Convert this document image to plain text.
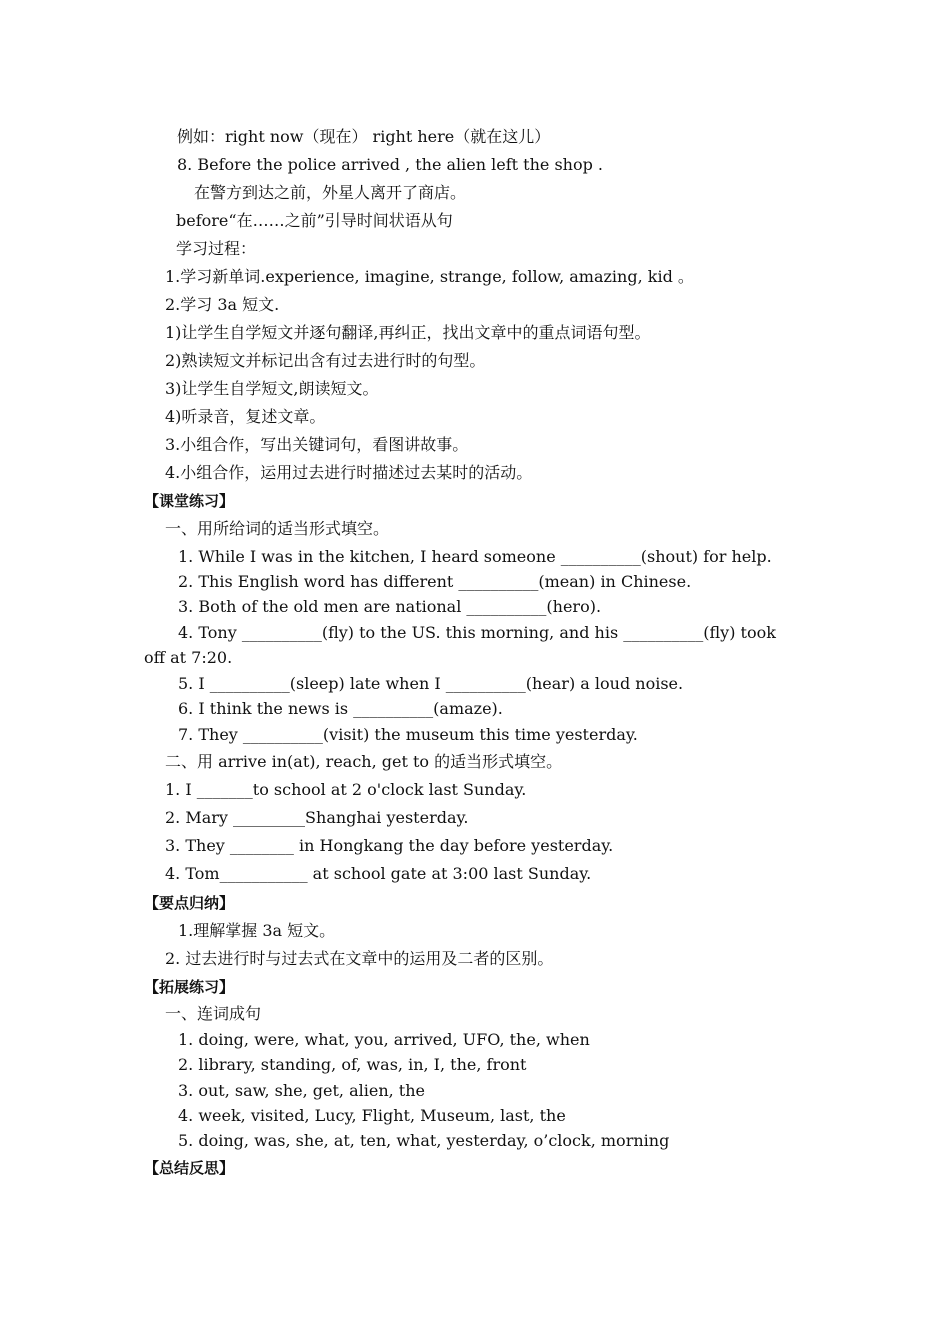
例如：right now（现在） right here（就在这儿）
8. Before the police arrived , the alien left the shop .
在警方到达之前，外星人离开了商店。
before“在……之前”引导时间状语从句
学习过程：
1.学习新单词.experience, imagine, strange, follow, amazing, kid 。
2.学习 3a 短文.
1)让学生自学短文并逐句翻译,再纠正，找出文章中的重点词语句型。
2)熟读短文并标记出含有过去进行时的句型。
3)让学生自学短文,朗读短文。
4)听录音，复述文章。
3.小组合作，写出关键词句，看图讲故事。
4.小组合作，运用过去进行时描述过去某时的活动。
【课堂练习】
一、用所给词的适当形式填空。
1. While I was in the kitchen, I heard someone __________(shout) for help.
2. This English word has different __________(mean) in Chinese.
3. Both of the old men are national __________(hero).
4. Tony __________(fly) to the US. this morning, and his __________(fly) took
off at 7:20.
5. I __________(sleep) late when I __________(hear) a loud noise.
6. I think the news is __________(amaze).
7. They __________(visit) the museum this time yesterday.
二、用 arrive in(at), reach, get to 的适当形式填空。
1. I _______to school at 2 o'clock last Sunday.
2. Mary _________Shanghai yesterday.
3. They ________ in Hongkang the day before yesterday.
4. Tom___________ at school gate at 3:00 last Sunday.
【要点归纳】
1.理解掌握 3a 短文。
2. 过去进行时与过去式在文章中的运用及二者的区别。
【拓展练习】
一、连词成句
1. doing, were, what, you, arrived, UFO, the, when
2. library, standing, of, was, in, I, the, front
3. out, saw, she, get, alien, the
4. week, visited, Lucy, Flight, Museum, last, the
5. doing, was, she, at, ten, what, yesterday, o’clock, morning
【总结反思】
